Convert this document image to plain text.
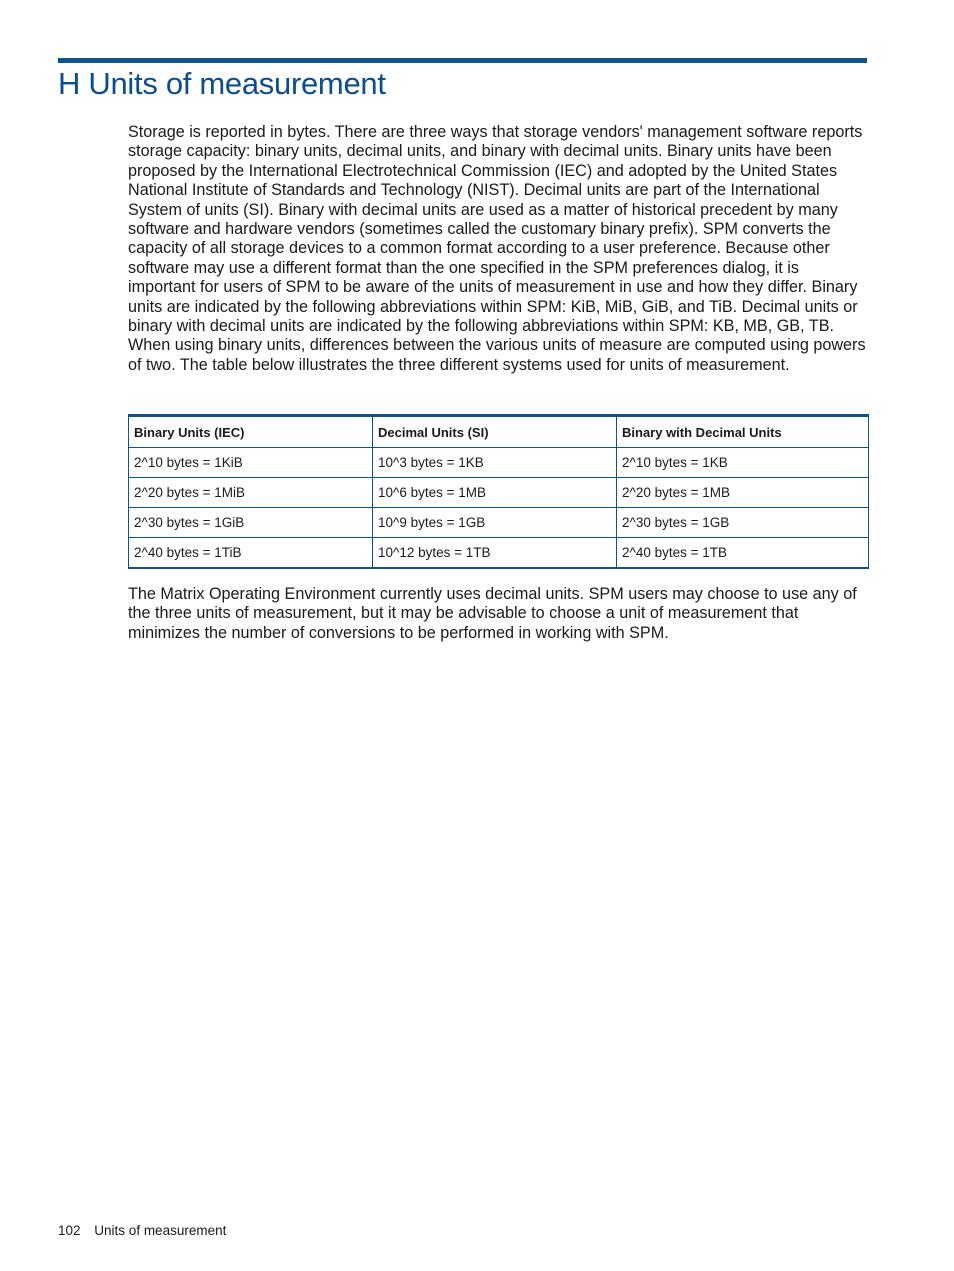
H Units of measurement

Storage is reported in bytes. There are three ways that storage vendors' management software reports storage capacity: binary units, decimal units, and binary with decimal units. Binary units have been proposed by the International Electrotechnical Commission (IEC) and adopted by the United States National Institute of Standards and Technology (NIST). Decimal units are part of the International System of units (SI). Binary with decimal units are used as a matter of historical precedent by many software and hardware vendors (sometimes called the customary binary prefix). SPM converts the capacity of all storage devices to a common format according to a user preference. Because other software may use a different format than the one specified in the SPM preferences dialog, it is important for users of SPM to be aware of the units of measurement in use and how they differ. Binary units are indicated by the following abbreviations within SPM: KiB, MiB, GiB, and TiB. Decimal units or binary with decimal units are indicated by the following abbreviations within SPM: KB, MB, GB, TB. When using binary units, differences between the various units of measure are computed using powers of two. The table below illustrates the three different systems used for units of measurement.

Binary Units (IEC)	Decimal Units (SI)	Binary with Decimal Units
2^10 bytes = 1KiB	10^3 bytes = 1KB	2^10 bytes = 1KB
2^20 bytes = 1MiB	10^6 bytes = 1MB	2^20 bytes = 1MB
2^30 bytes = 1GiB	10^9 bytes = 1GB	2^30 bytes = 1GB
2^40 bytes = 1TiB	10^12 bytes = 1TB	2^40 bytes = 1TB

The Matrix Operating Environment currently uses decimal units. SPM users may choose to use any of the three units of measurement, but it may be advisable to choose a unit of measurement that minimizes the number of conversions to be performed in working with SPM.

102 Units of measurement
